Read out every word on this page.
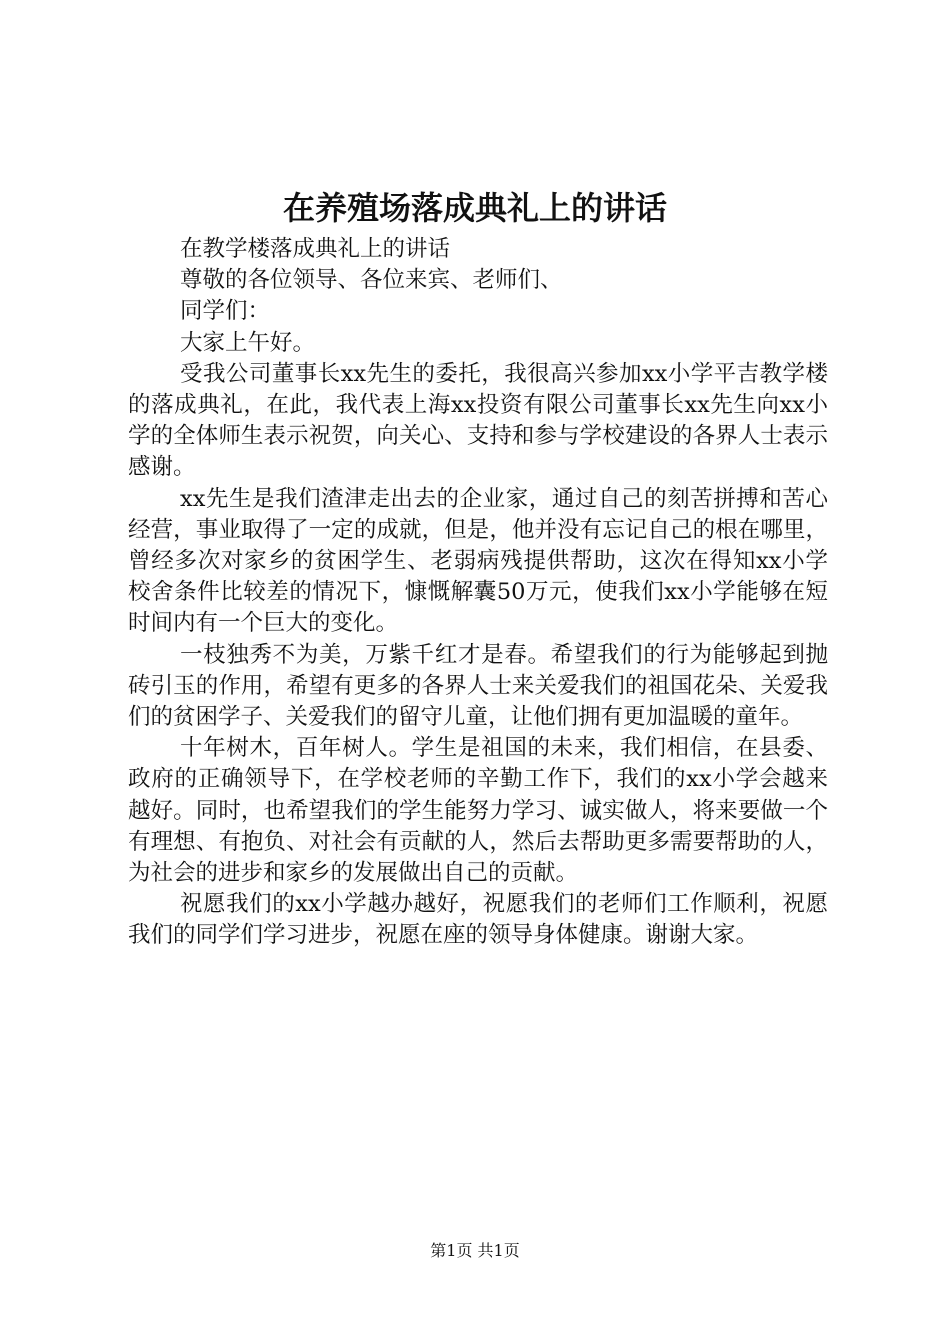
在养殖场落成典礼上的讲话

在教学楼落成典礼上的讲话

尊敬的各位领导、各位来宾、老师们、

同学们：

大家上午好。

受我公司董事长xx先生的委托，我很高兴参加xx小学平吉教学楼的落成典礼，在此，我代表上海xx投资有限公司董事长xx先生向xx小学的全体师生表示祝贺，向关心、支持和参与学校建设的各界人士表示感谢。

xx先生是我们渣津走出去的企业家，通过自己的刻苦拼搏和苦心经营，事业取得了一定的成就，但是，他并没有忘记自己的根在哪里，曾经多次对家乡的贫困学生、老弱病残提供帮助，这次在得知xx小学校舍条件比较差的情况下，慷慨解囊50万元，使我们xx小学能够在短时间内有一个巨大的变化。

一枝独秀不为美，万紫千红才是春。希望我们的行为能够起到抛砖引玉的作用，希望有更多的各界人士来关爱我们的祖国花朵、关爱我们的贫困学子、关爱我们的留守儿童，让他们拥有更加温暖的童年。

十年树木，百年树人。学生是祖国的未来，我们相信，在县委、政府的正确领导下，在学校老师的辛勤工作下，我们的xx小学会越来越好。同时，也希望我们的学生能努力学习、诚实做人，将来要做一个有理想、有抱负、对社会有贡献的人，然后去帮助更多需要帮助的人，为社会的进步和家乡的发展做出自己的贡献。

祝愿我们的xx小学越办越好，祝愿我们的老师们工作顺利，祝愿我们的同学们学习进步，祝愿在座的领导身体健康。谢谢大家。

第1页 共1页
